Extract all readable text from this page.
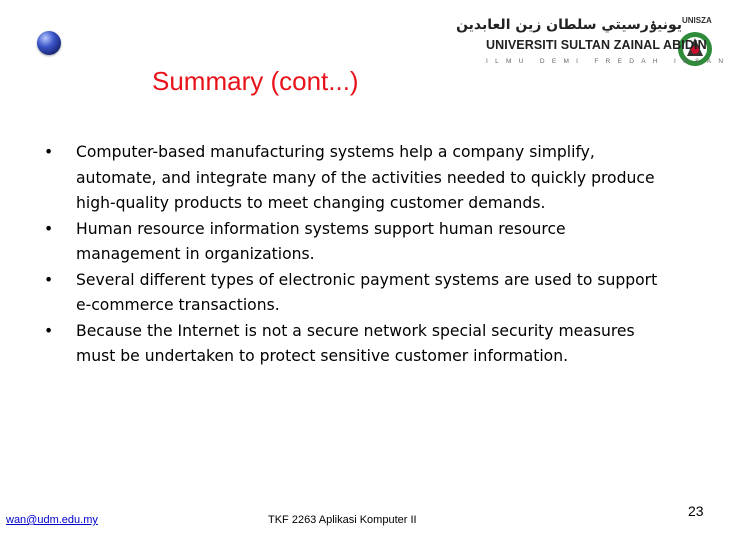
Summary (cont...)
يونيۏرسيتي سلطان زين العابدين UNISZA
UNIVERSITI SULTAN ZAINAL ABIDIN
ILMU DEMI FREDAH INSAN
•	Computer-based manufacturing systems help a company simplify, automate, and integrate many of the activities needed to quickly produce high-quality products to meet changing customer demands.
•	Human resource information systems support human resource management in organizations.
•	Several different types of electronic payment systems are used to support e-commerce transactions.
•	Because the Internet is not a secure network special security measures must be undertaken to protect sensitive customer information.
wan@udm.edu.my	TKF 2263 Aplikasi Komputer II
23
